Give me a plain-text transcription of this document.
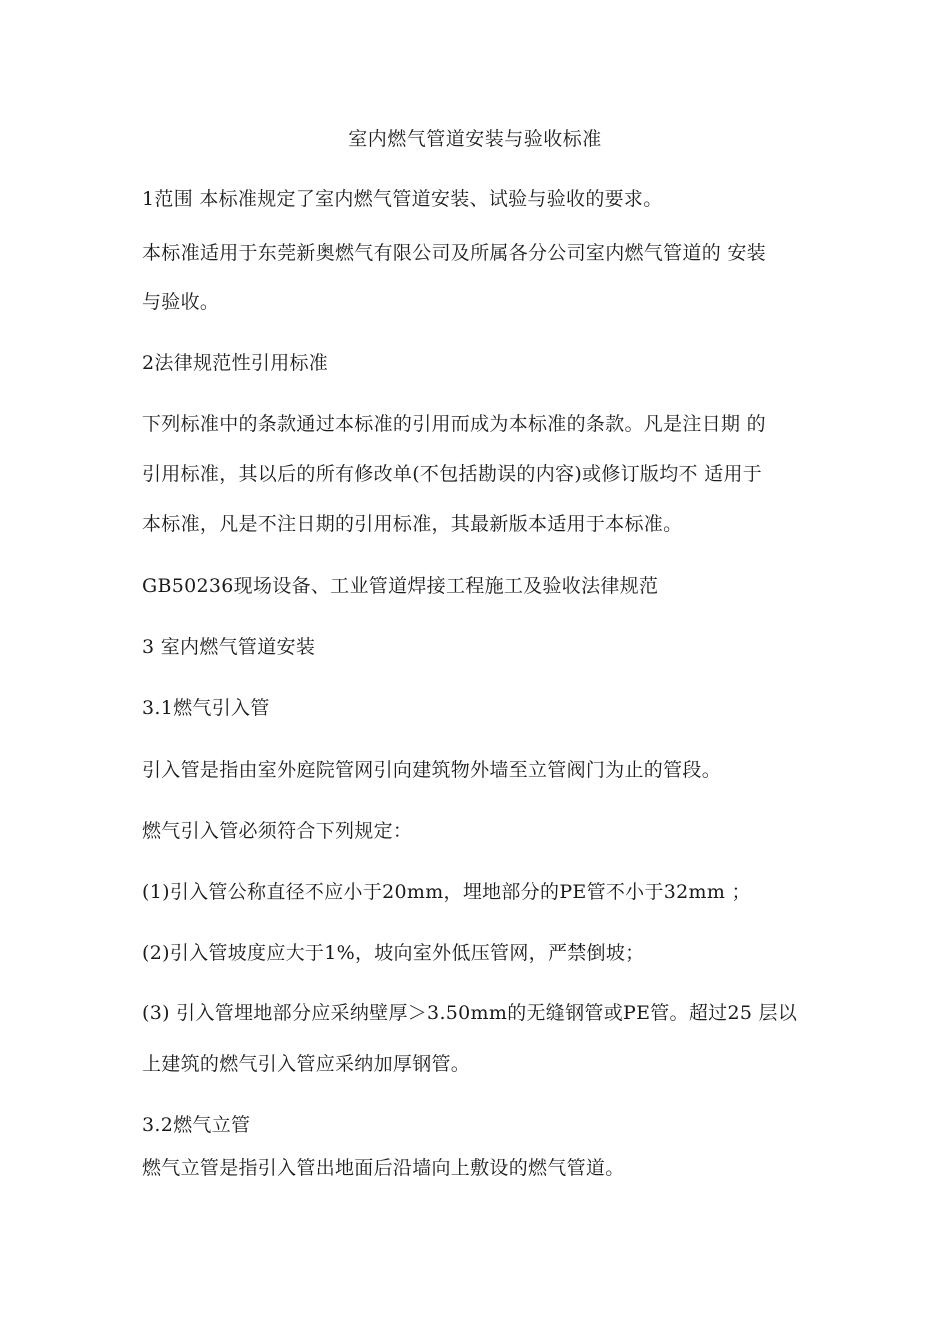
室内燃气管道安装与验收标准
1范围 本标准规定了室内燃气管道安装、试验与验收的要求。
本标准适用于东莞新奥燃气有限公司及所属各分公司室内燃气管道的 安装
与验收。
2法律规范性引用标准
下列标准中的条款通过本标准的引用而成为本标准的条款。凡是注日期 的
引用标准，其以后的所有修改单(不包括勘误的内容)或修订版均不 适用于
本标准，凡是不注日期的引用标准，其最新版本适用于本标准。
GB50236现场设备、工业管道焊接工程施工及验收法律规范
3 室内燃气管道安装
3.1燃气引入管
引入管是指由室外庭院管网引向建筑物外墙至立管阀门为止的管段。
燃气引入管必须符合下列规定：
(1)引入管公称直径不应小于20mm，埋地部分的PE管不小于32mm ；
(2)引入管坡度应大于1%，坡向室外低压管网，严禁倒坡；
(3) 引入管埋地部分应采纳壁厚＞3.50mm的无缝钢管或PE管。超过25 层以
上建筑的燃气引入管应采纳加厚钢管。
3.2燃气立管
燃气立管是指引入管出地面后沿墙向上敷设的燃气管道。
